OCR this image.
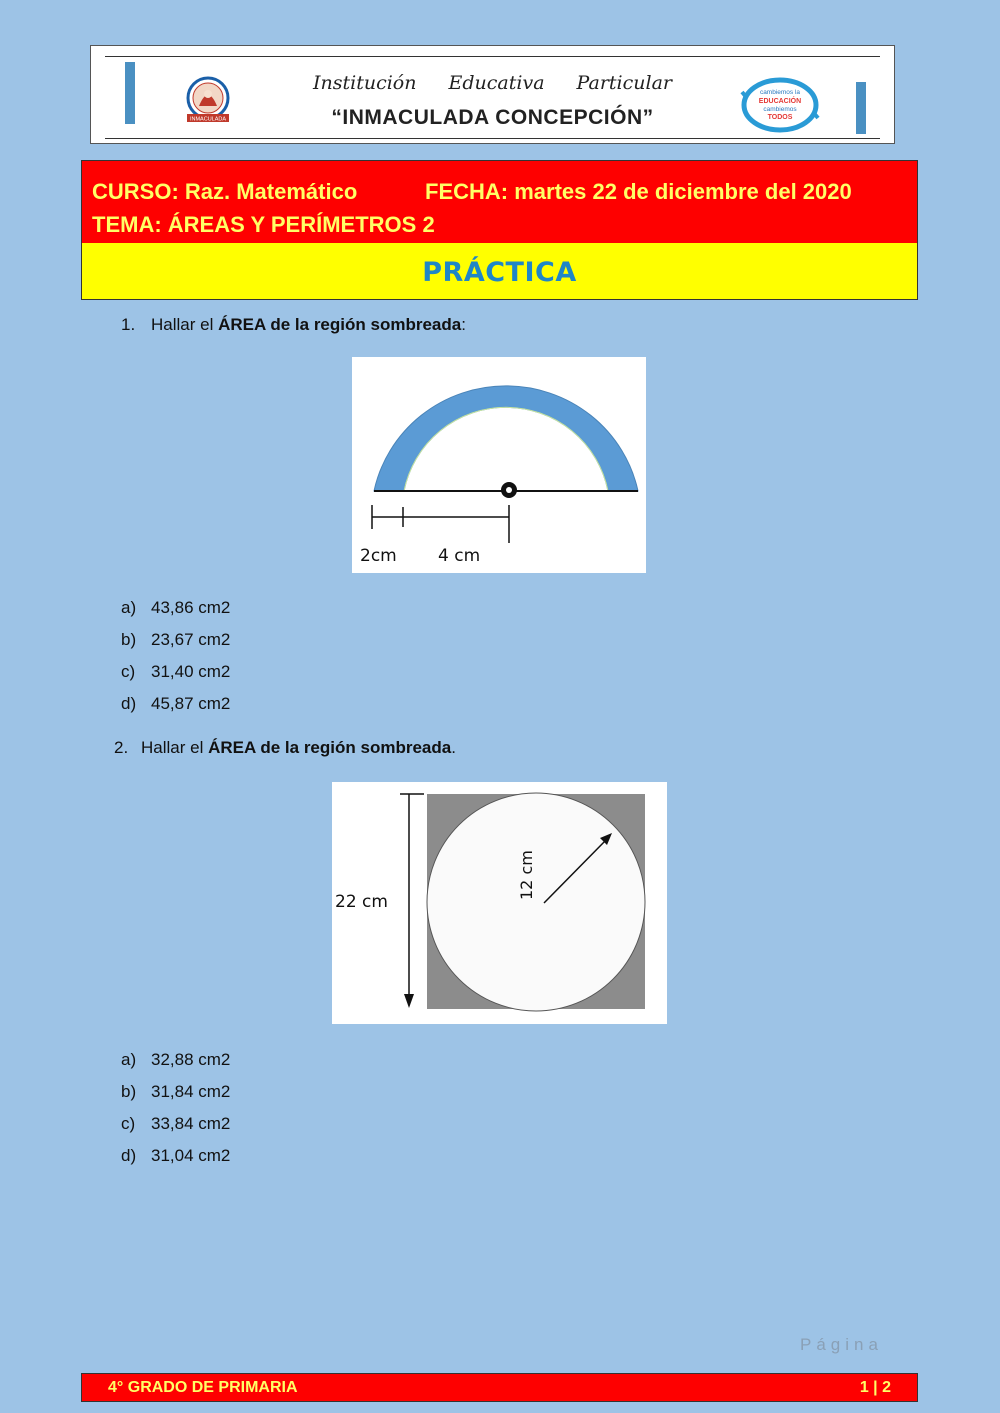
INMACULADA
Institución Educativa Particular
“INMACULADA CONCEPCIÓN”
cambiemos la
EDUCACIÓN
cambiemos
TODOS
CURSO: Raz. Matemático	FECHA: martes 22 de diciembre del 2020
TEMA: ÁREAS Y PERÍMETROS 2
PRÁCTICA
1. Hallar el ÁREA de la región sombreada:
2cm 4 cm
a) 43,86 cm2
b) 23,67 cm2
c) 31,40 cm2
d) 45,87 cm2
2. Hallar el ÁREA de la región sombreada.
22 cm
12 cm
a) 32,88 cm2
b) 31,84 cm2
c) 33,84 cm2
d) 31,04 cm2
Página
4° GRADO DE PRIMARIA	1 | 2
